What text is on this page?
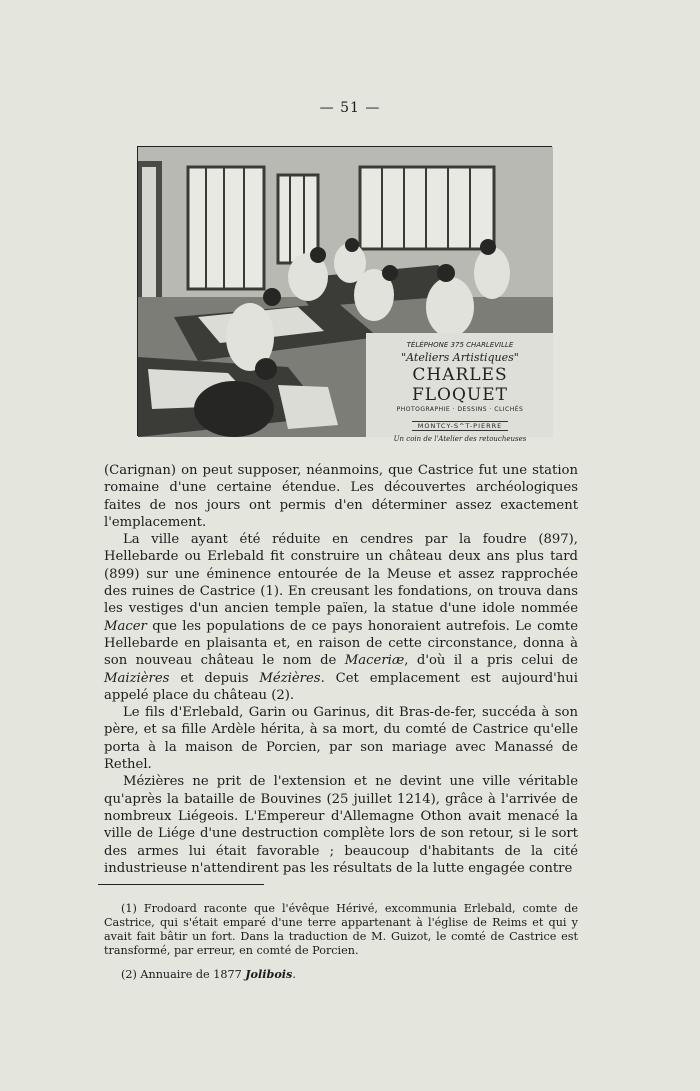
— 51 —
TÉLÉPHONE 375 CHARLEVILLE
"Ateliers Artistiques"
CHARLES FLOQUET
PHOTOGRAPHIE · DESSINS · CLICHÉS
MONTCY-S^T-PIERRE
Un coin de l'Atelier des retoucheuses

(Carignan) on peut supposer, néanmoins, que Castrice fut une station romaine d'une certaine étendue. Les découvertes archéologiques faites de nos jours ont permis d'en déterminer assez exactement l'emplacement.

La ville ayant été réduite en cendres par la foudre (897), Hellebarde ou Erlebald fit construire un château deux ans plus tard (899) sur une éminence entourée de la Meuse et assez rapprochée des ruines de Castrice (1). En creusant les fondations, on trouva dans les vestiges d'un ancien temple païen, la statue d'une idole nommée Macer que les populations de ce pays honoraient autrefois. Le comte Hellebarde en plaisanta et, en raison de cette circonstance, donna à son nouveau château le nom de Maceriæ, d'où il a pris celui de Maizières et depuis Mézières. Cet emplacement est aujourd'hui appelé place du château (2).

Le fils d'Erlebald, Garin ou Garinus, dit Bras-de-fer, succéda à son père, et sa fille Ardèle hérita, à sa mort, du comté de Castrice qu'elle porta à la maison de Porcien, par son mariage avec Manassé de Rethel.

Mézières ne prit de l'extension et ne devint une ville véritable qu'après la bataille de Bouvines (25 juillet 1214), grâce à l'arrivée de nombreux Liégeois. L'Empereur d'Allemagne Othon avait menacé la ville de Liége d'une destruction complète lors de son retour, si le sort des armes lui était favorable ; beaucoup d'habitants de la cité industrieuse n'attendirent pas les résultats de la lutte engagée contre

(1) Frodoard raconte que l'évêque Hérivé, excommunia Erlebald, comte de Castrice, qui s'était emparé d'une terre appartenant à l'église de Reims et qui y avait fait bâtir un fort. Dans la traduction de M. Guizot, le comté de Castrice est transformé, par erreur, en comté de Porcien.

(2) Annuaire de 1877 Jolibois.
